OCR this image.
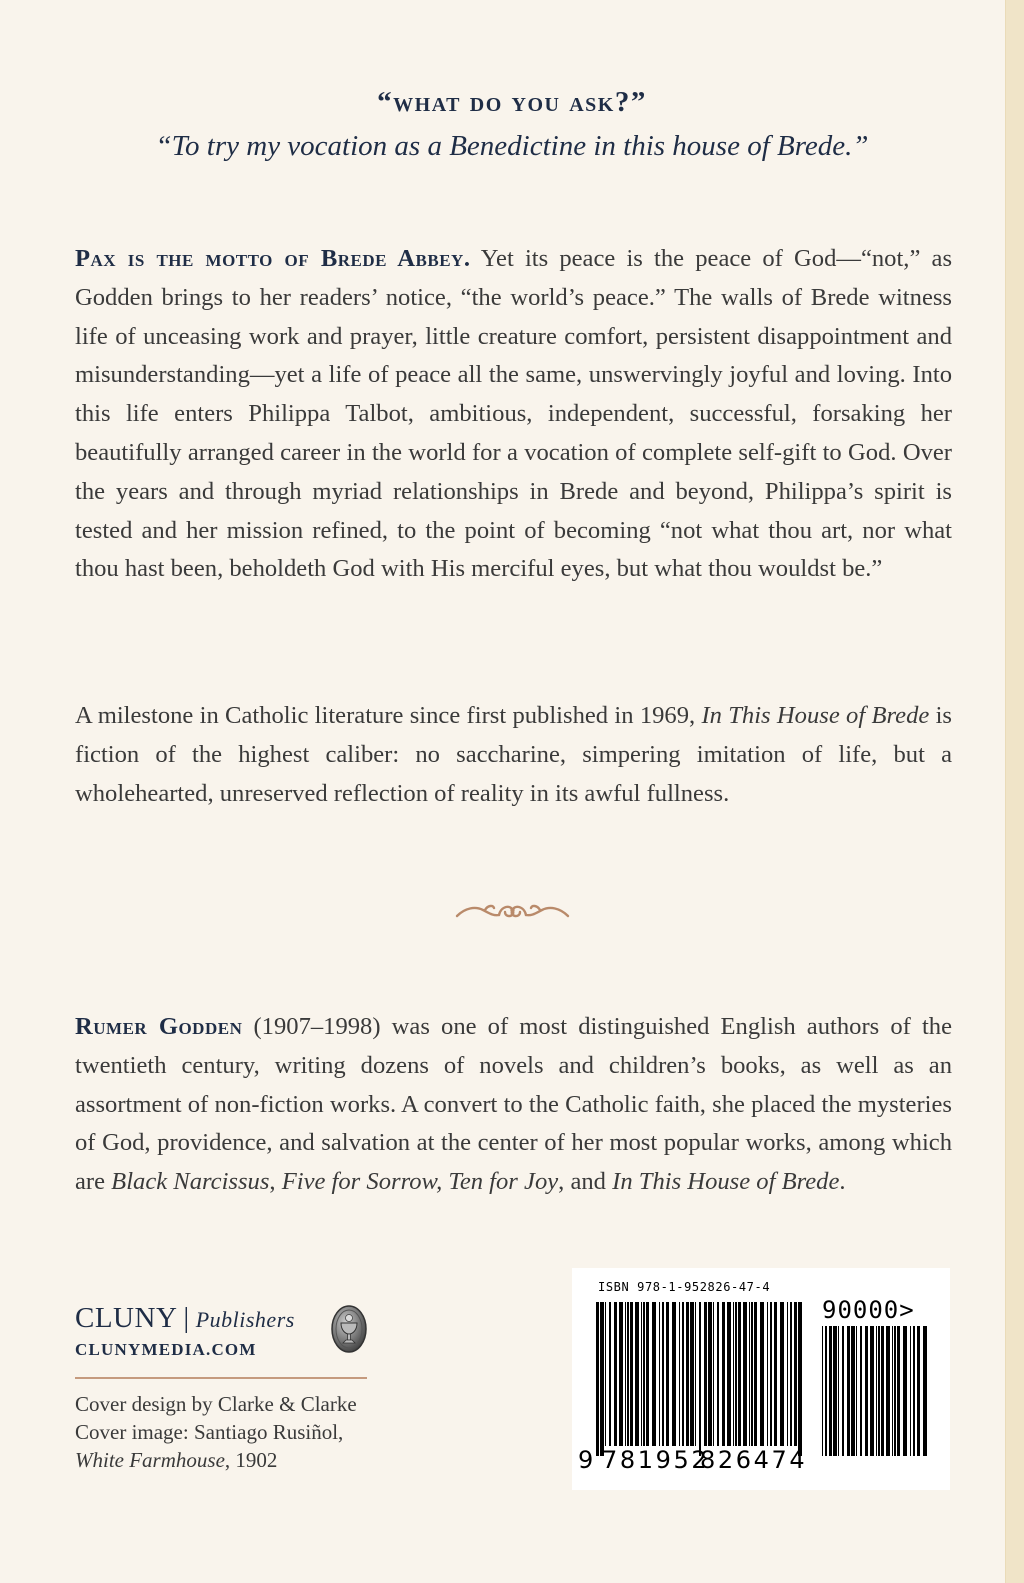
“what do you ask?”
“To try my vocation as a Benedictine in this house of Brede.”

Pax is the motto of Brede Abbey. Yet its peace is the peace of God—“not,” as Godden brings to her readers’ notice, “the world’s peace.” The walls of Brede witness life of unceasing work and prayer, little creature comfort, persistent disappointment and misunderstanding—yet a life of peace all the same, unswervingly joyful and loving. Into this life enters Philippa Talbot, ambitious, independent, successful, forsaking her beautifully arranged career in the world for a vocation of complete self-gift to God. Over the years and through myriad relationships in Brede and beyond, Philippa’s spirit is tested and her mission refined, to the point of becoming “not what thou art, nor what thou hast been, beholdeth God with His merciful eyes, but what thou wouldst be.”

A milestone in Catholic literature since first published in 1969, In This House of Brede is fiction of the highest caliber: no saccharine, simpering imitation of life, but a wholehearted, unreserved reflection of reality in its awful fullness.

Rumer Godden (1907–1998) was one of most distinguished English authors of the twentieth century, writing dozens of novels and children’s books, as well as an assortment of non-fiction works. A convert to the Catholic faith, she placed the mysteries of God, providence, and salvation at the center of her most popular works, among which are Black Narcissus, Five for Sorrow, Ten for Joy, and In This House of Brede.

CLUNY | Publishers
CLUNYMEDIA.COM
Cover design by Clarke & Clarke
Cover image: Santiago Rusiñol,
White Farmhouse, 1902
ISBN 978-1-952826-47-4
90000>
9 781952
826474
